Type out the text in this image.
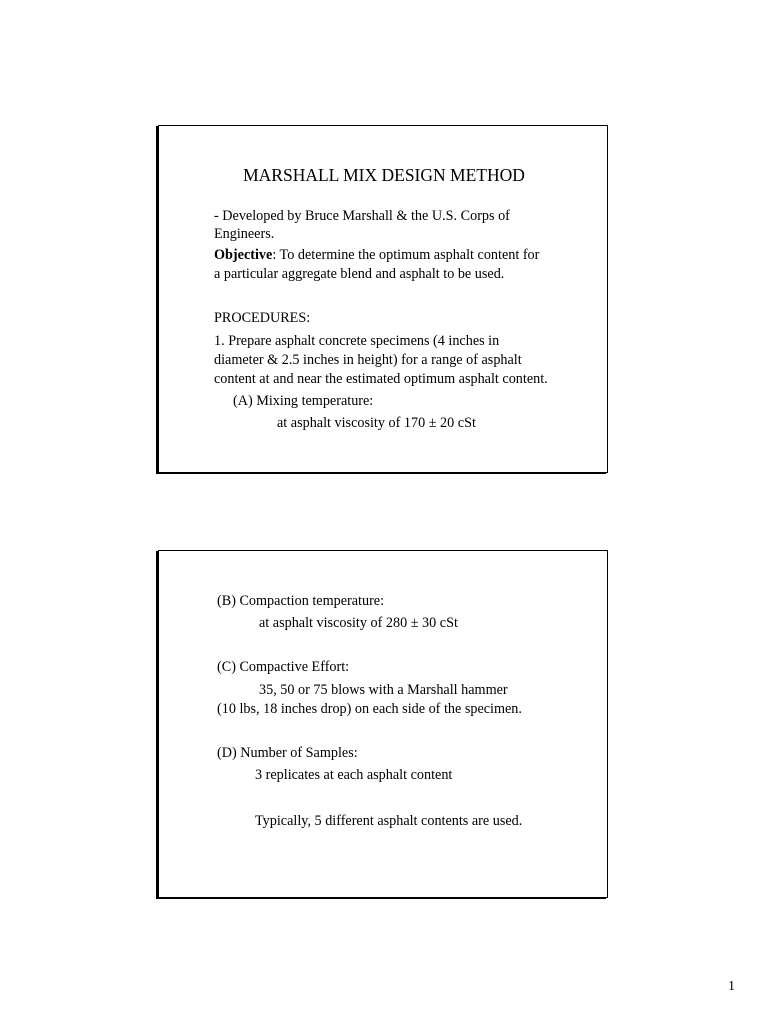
MARSHALL MIX DESIGN METHOD
- Developed by Bruce Marshall & the U.S. Corps of
Engineers.
Objective: To determine the optimum asphalt content for
a particular aggregate blend and asphalt to be used.
PROCEDURES:
1. Prepare asphalt concrete specimens (4 inches in
diameter & 2.5 inches in height) for a range of asphalt
content at and near the estimated optimum asphalt content.
(A) Mixing temperature:
at asphalt viscosity of 170 ± 20 cSt
(B) Compaction temperature:
at asphalt viscosity of 280 ± 30 cSt
(C) Compactive Effort:
35, 50 or 75 blows with a Marshall hammer
(10 lbs, 18 inches drop) on each side of the specimen.
(D) Number of Samples:
3 replicates at each asphalt content
Typically, 5 different asphalt contents are used.
1
